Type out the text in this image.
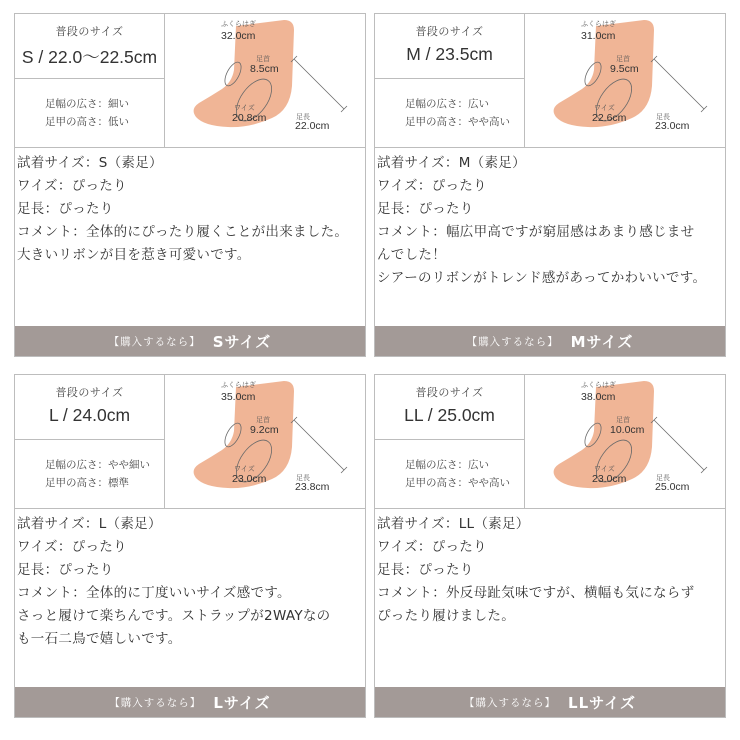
普段のサイズ
S / 22.0〜22.5cm
足幅の広さ：細い
足甲の高さ：低い
ふくらはぎ
32.0cm
足首
8.5cm
ワイズ
20.8cm	足長
22.0cm
試着サイズ：S（素足）
ワイズ：ぴったり
足長：ぴったり
コメント：全体的にぴったり履くことが出来ました。
大きいリボンが目を惹き可愛いです。
【購入するなら】 Sサイズ
普段のサイズ
M / 23.5cm
足幅の広さ：広い
足甲の高さ：やや高い
ふくらはぎ
31.0cm
足首
9.5cm
ワイズ
22.6cm	足長
23.0cm
試着サイズ：M（素足）
ワイズ：ぴったり
足長：ぴったり
コメント：幅広甲高ですが窮屈感はあまり感じませ
んでした！
シアーのリボンがトレンド感があってかわいいです。
【購入するなら】 Mサイズ
普段のサイズ
L / 24.0cm
足幅の広さ：やや細い
足甲の高さ：標準
ふくらはぎ
35.0cm
足首
9.2cm
ワイズ
23.0cm	足長
23.8cm
試着サイズ：L（素足）
ワイズ：ぴったり
足長：ぴったり
コメント：全体的に丁度いいサイズ感です。
さっと履けて楽ちんです。ストラップが2WAYなの
も一石二鳥で嬉しいです。
【購入するなら】 Lサイズ
普段のサイズ
LL / 25.0cm
足幅の広さ：広い
足甲の高さ：やや高い
ふくらはぎ
38.0cm
足首
10.0cm
ワイズ
23.0cm	足長
25.0cm
試着サイズ：LL（素足）
ワイズ：ぴったり
足長：ぴったり
コメント：外反母趾気味ですが、横幅も気にならず
ぴったり履けました。
【購入するなら】 LLサイズ
